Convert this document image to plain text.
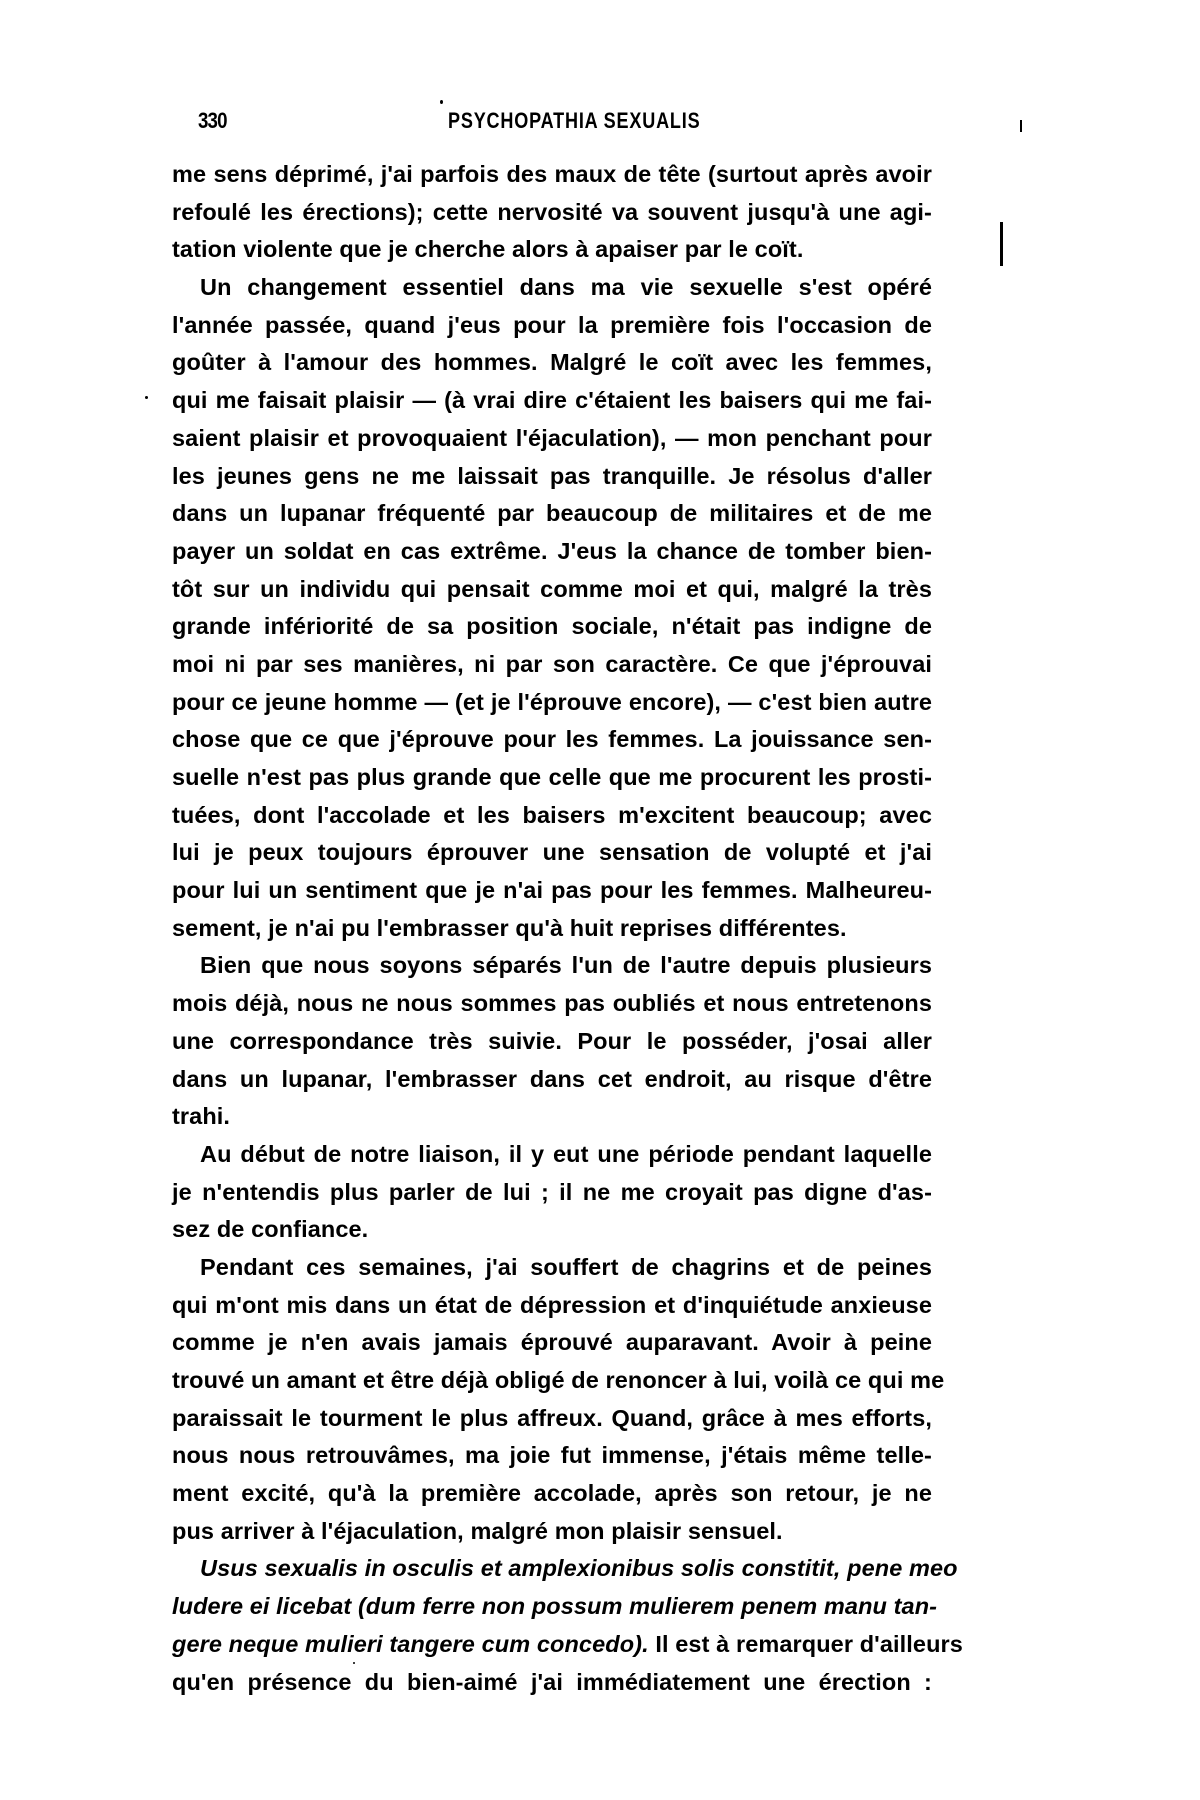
330	PSYCHOPATHIA SEXUALIS
me sens déprimé, j'ai parfois des maux de tête (surtout après avoir
refoulé les érections); cette nervosité va souvent jusqu'à une agi-
tation violente que je cherche alors à apaiser par le coït.
Un changement essentiel dans ma vie sexuelle s'est opéré
l'année passée, quand j'eus pour la première fois l'occasion de
goûter à l'amour des hommes. Malgré le coït avec les femmes,
qui me faisait plaisir — (à vrai dire c'étaient les baisers qui me fai-
saient plaisir et provoquaient l'éjaculation), — mon penchant pour
les jeunes gens ne me laissait pas tranquille. Je résolus d'aller
dans un lupanar fréquenté par beaucoup de militaires et de me
payer un soldat en cas extrême. J'eus la chance de tomber bien-
tôt sur un individu qui pensait comme moi et qui, malgré la très
grande infériorité de sa position sociale, n'était pas indigne de
moi ni par ses manières, ni par son caractère. Ce que j'éprouvai
pour ce jeune homme — (et je l'éprouve encore), — c'est bien autre
chose que ce que j'éprouve pour les femmes. La jouissance sen-
suelle n'est pas plus grande que celle que me procurent les prosti-
tuées, dont l'accolade et les baisers m'excitent beaucoup; avec
lui je peux toujours éprouver une sensation de volupté et j'ai
pour lui un sentiment que je n'ai pas pour les femmes. Malheureu-
sement, je n'ai pu l'embrasser qu'à huit reprises différentes.
Bien que nous soyons séparés l'un de l'autre depuis plusieurs
mois déjà, nous ne nous sommes pas oubliés et nous entretenons
une correspondance très suivie. Pour le posséder, j'osai aller
dans un lupanar, l'embrasser dans cet endroit, au risque d'être
trahi.
Au début de notre liaison, il y eut une période pendant laquelle
je n'entendis plus parler de lui ; il ne me croyait pas digne d'as-
sez de confiance.
Pendant ces semaines, j'ai souffert de chagrins et de peines
qui m'ont mis dans un état de dépression et d'inquiétude anxieuse
comme je n'en avais jamais éprouvé auparavant. Avoir à peine
trouvé un amant et être déjà obligé de renoncer à lui, voilà ce qui me
paraissait le tourment le plus affreux. Quand, grâce à mes efforts,
nous nous retrouvâmes, ma joie fut immense, j'étais même telle-
ment excité, qu'à la première accolade, après son retour, je ne
pus arriver à l'éjaculation, malgré mon plaisir sensuel.
Usus sexualis in osculis et amplexionibus solis constitit, pene meo
ludere ei licebat (dum ferre non possum mulierem penem manu tan-
gere neque mulieri tangere cum concedo). Il est à remarquer d'ailleurs
qu'en présence du bien-aimé j'ai immédiatement une érection :
